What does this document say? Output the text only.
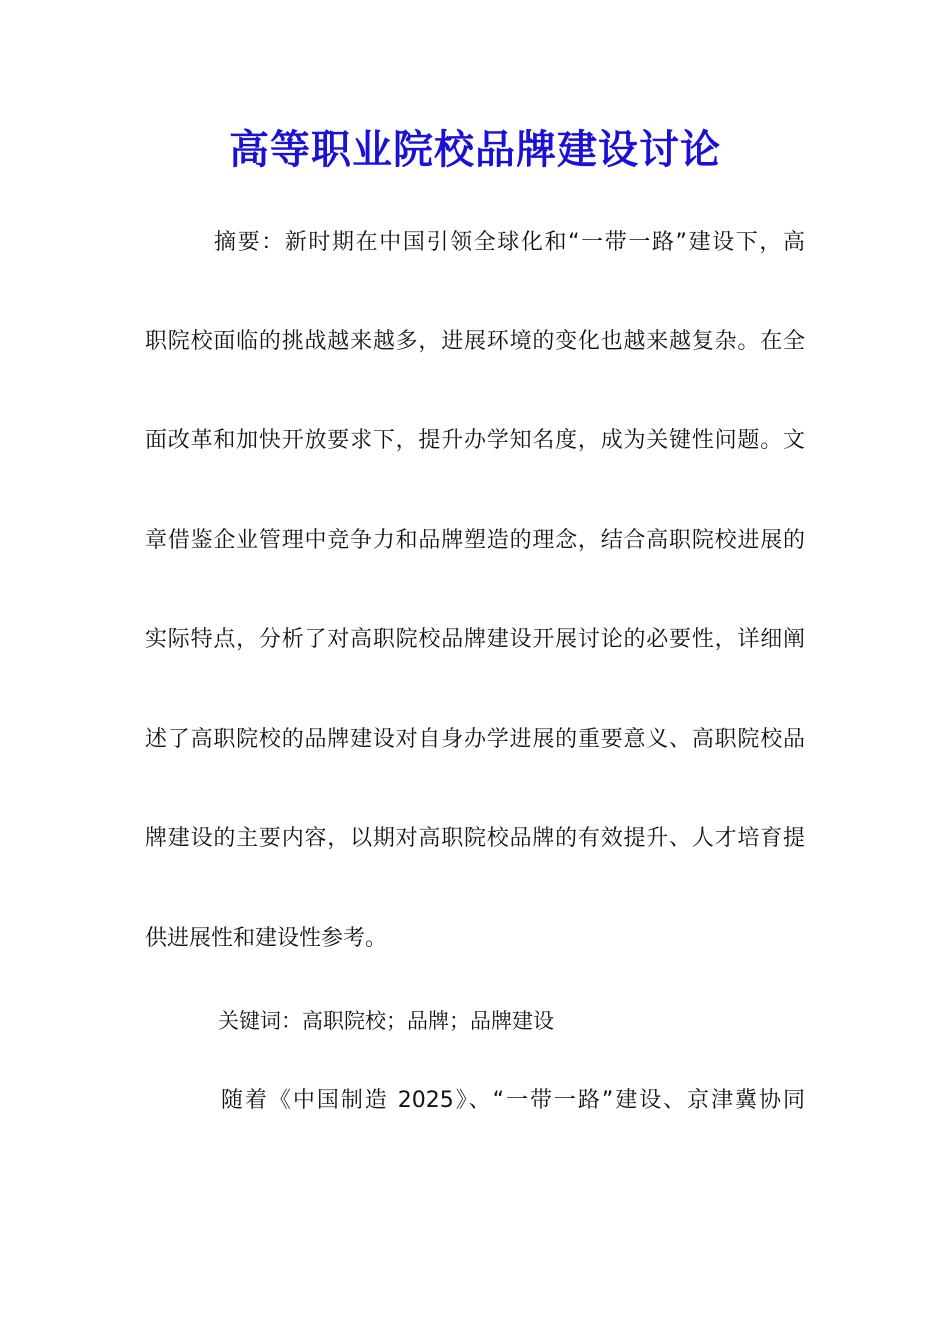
高等职业院校品牌建设讨论

摘要：新时期在中国引领全球化和“一带一路”建设下，高

职院校面临的挑战越来越多，进展环境的变化也越来越复杂。在全

面改革和加快开放要求下，提升办学知名度，成为关键性问题。文

章借鉴企业管理中竞争力和品牌塑造的理念，结合高职院校进展的

实际特点，分析了对高职院校品牌建设开展讨论的必要性，详细阐

述了高职院校的品牌建设对自身办学进展的重要意义、高职院校品

牌建设的主要内容，以期对高职院校品牌的有效提升、人才培育提

供进展性和建设性参考。

关键词：高职院校；品牌；品牌建设

随着《中国制造 2025》、“一带一路”建设、京津冀协同
